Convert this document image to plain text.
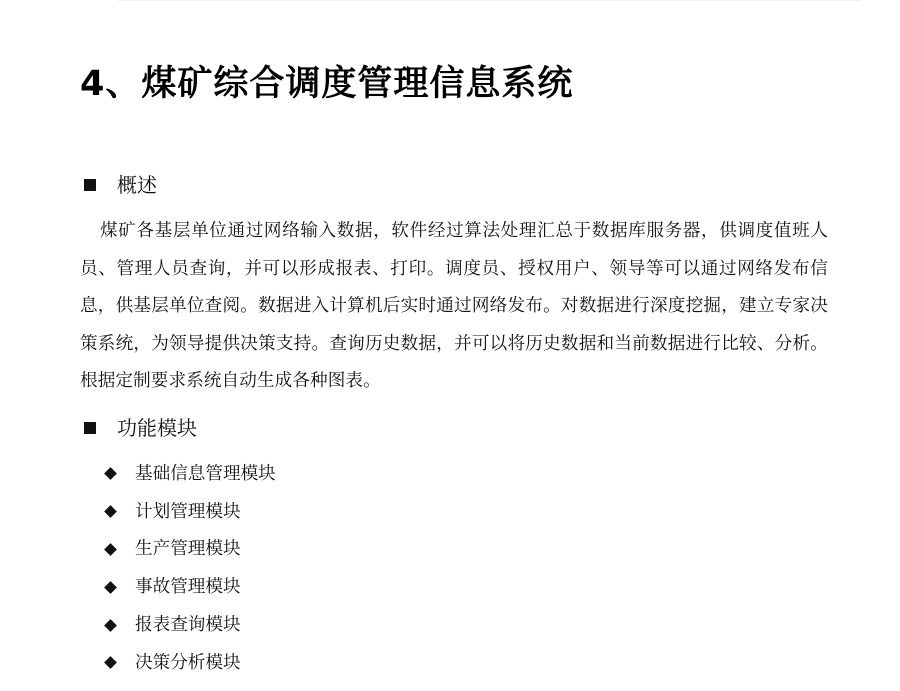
4、煤矿综合调度管理信息系统
概述

煤矿各基层单位通过网络输入数据，软件经过算法处理汇总于数据库服务器，供调度值班人员、管理人员查询，并可以形成报表、打印。调度员、授权用户、领导等可以通过网络发布信息，供基层单位查阅。数据进入计算机后实时通过网络发布。对数据进行深度挖掘，建立专家决策系统，为领导提供决策支持。查询历史数据，并可以将历史数据和当前数据进行比较、分析。根据定制要求系统自动生成各种图表。

功能模块
基础信息管理模块
计划管理模块
生产管理模块
事故管理模块
报表查询模块
决策分析模块
